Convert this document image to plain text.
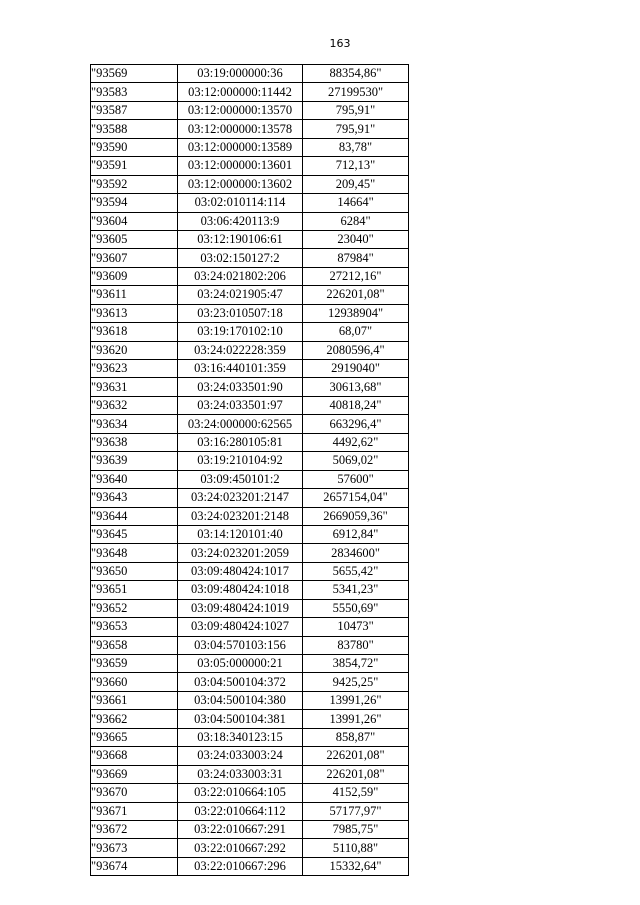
163
"93569	03:19:000000:36	88354,86"
"93583	03:12:000000:11442	27199530"
"93587	03:12:000000:13570	795,91"
"93588	03:12:000000:13578	795,91"
"93590	03:12:000000:13589	83,78"
"93591	03:12:000000:13601	712,13"
"93592	03:12:000000:13602	209,45"
"93594	03:02:010114:114	14664"
"93604	03:06:420113:9	6284"
"93605	03:12:190106:61	23040"
"93607	03:02:150127:2	87984"
"93609	03:24:021802:206	27212,16"
"93611	03:24:021905:47	226201,08"
"93613	03:23:010507:18	12938904"
"93618	03:19:170102:10	68,07"
"93620	03:24:022228:359	2080596,4"
"93623	03:16:440101:359	2919040"
"93631	03:24:033501:90	30613,68"
"93632	03:24:033501:97	40818,24"
"93634	03:24:000000:62565	663296,4"
"93638	03:16:280105:81	4492,62"
"93639	03:19:210104:92	5069,02"
"93640	03:09:450101:2	57600"
"93643	03:24:023201:2147	2657154,04"
"93644	03:24:023201:2148	2669059,36"
"93645	03:14:120101:40	6912,84"
"93648	03:24:023201:2059	2834600"
"93650	03:09:480424:1017	5655,42"
"93651	03:09:480424:1018	5341,23"
"93652	03:09:480424:1019	5550,69"
"93653	03:09:480424:1027	10473"
"93658	03:04:570103:156	83780"
"93659	03:05:000000:21	3854,72"
"93660	03:04:500104:372	9425,25"
"93661	03:04:500104:380	13991,26"
"93662	03:04:500104:381	13991,26"
"93665	03:18:340123:15	858,87"
"93668	03:24:033003:24	226201,08"
"93669	03:24:033003:31	226201,08"
"93670	03:22:010664:105	4152,59"
"93671	03:22:010664:112	57177,97"
"93672	03:22:010667:291	7985,75"
"93673	03:22:010667:292	5110,88"
"93674	03:22:010667:296	15332,64"
